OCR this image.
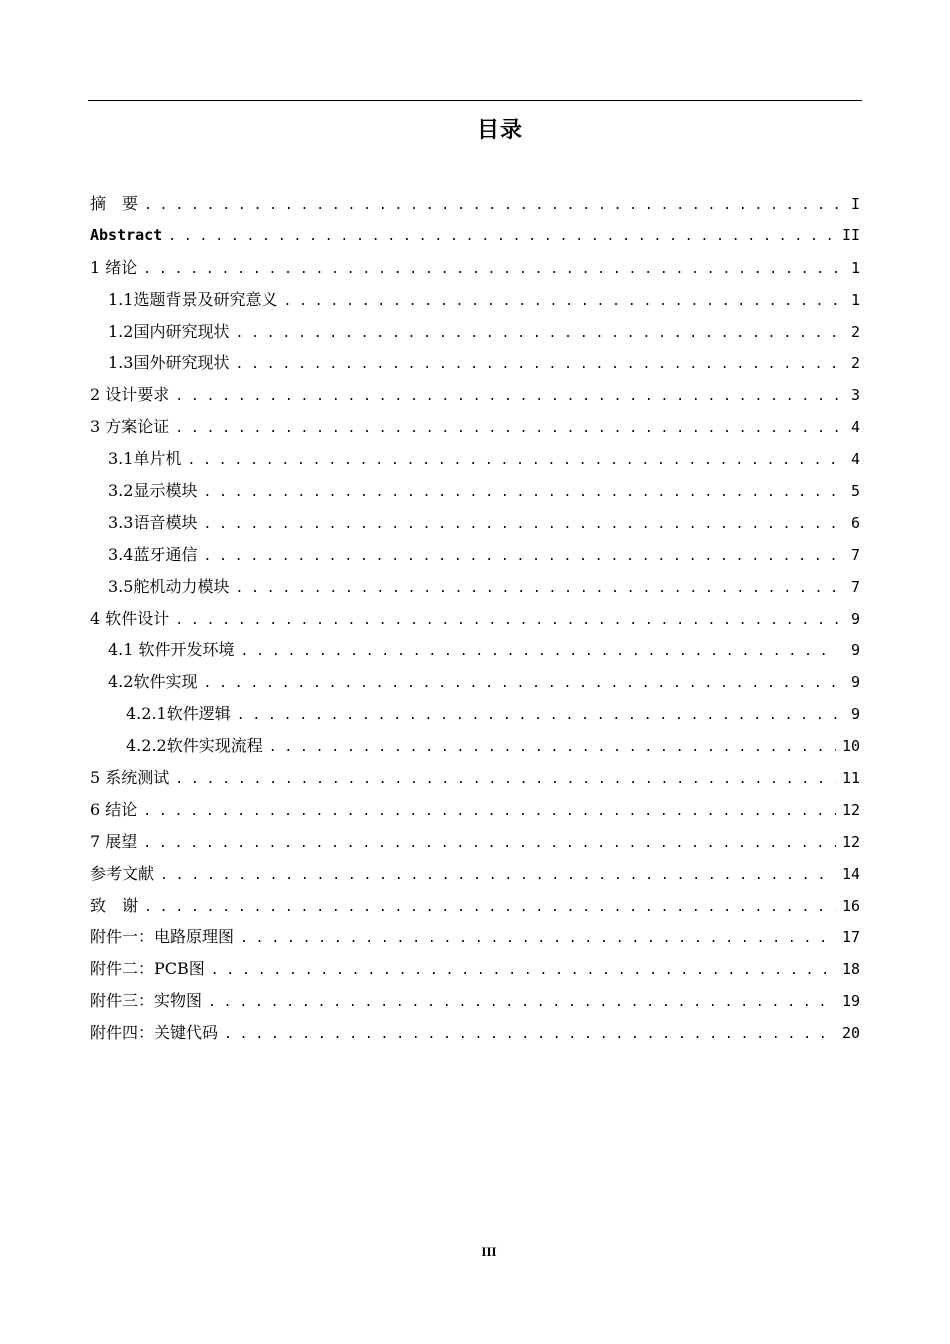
目录
摘　要 . . .	I
Abstract . . .	II
1 绪论 . . .	1
1.1选题背景及研究意义 . . .	1
1.2国内研究现状 . . .	2
1.3国外研究现状 . . .	2
2 设计要求 . . .	3
3 方案论证 . . .	4
3.1单片机 . . .	4
3.2显示模块 . . .	5
3.3语音模块 . . .	6
3.4蓝牙通信 . . .	7
3.5舵机动力模块 . . .	7
4 软件设计 . . .	9
4.1 软件开发环境 . . .	9
4.2软件实现 . . .	9
4.2.1软件逻辑 . . .	9
4.2.2软件实现流程 . . .	10
5 系统测试 . . .	11
6 结论 . . .	12
7 展望 . . .	12
参考文献 . . .	14
致　谢 . . .	16
附件一：电路原理图 . . .	17
附件二：PCB图 . . .	18
附件三：实物图 . . .	19
附件四：关键代码 . . .	20
III
